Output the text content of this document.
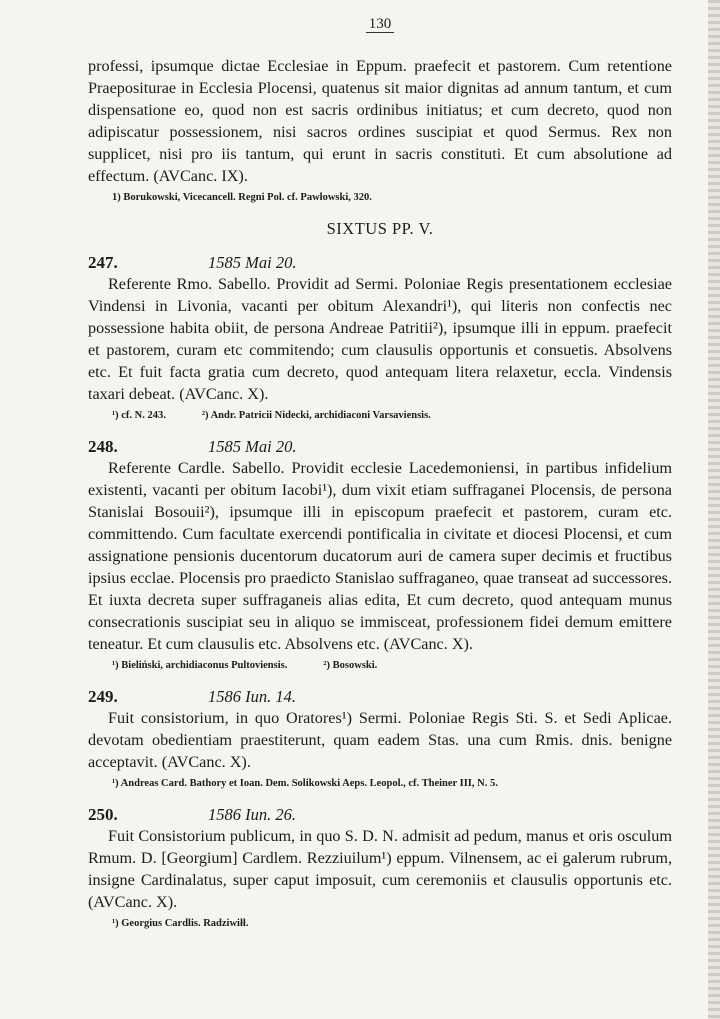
130

professi, ipsumque dictae Ecclesiae in Eppum. praefecit et pastorem. Cum retentione Praepositurae in Ecclesia Plocensi, quatenus sit maior dignitas ad annum tantum, et cum dispensatione eo, quod non est sacris ordinibus initiatus; et cum decreto, quod non adipiscatur possessionem, nisi sacros ordines suscipiat et quod Sermus. Rex non supplicet, nisi pro iis tantum, qui erunt in sacris constituti. Et cum absolutione ad effectum. (AVCanc. IX).

1) Borukowski, Vicecancell. Regni Pol. cf. Pawłowski, 320.
SIXTUS PP. V.
247.	1585 Mai 20.

Referente Rmo. Sabello. Providit ad Sermi. Poloniae Regis presentationem ecclesiae Vindensi in Livonia, vacanti per obitum Alexandri¹), qui literis non confectis nec possessione habita obiit, de persona Andreae Patritii²), ipsumque illi in eppum. praefecit et pastorem, curam etc commitendo; cum clausulis opportunis et consuetis. Absolvens etc. Et fuit facta gratia cum decreto, quod antequam litera relaxetur, eccla. Vindensis taxari debeat. (AVCanc. X).

¹) cf. N. 243.	²) Andr. Patricii Nidecki, archidiaconi Varsaviensis.
248.	1585 Mai 20.

Referente Cardle. Sabello. Providit ecclesie Lacedemoniensi, in partibus infidelium existenti, vacanti per obitum Iacobi¹), dum vixit etiam suffraganei Plocensis, de persona Stanislai Bosouii²), ipsumque illi in episcopum praefecit et pastorem, curam etc. committendo. Cum facultate exercendi pontificalia in civitate et diocesi Plocensi, et cum assignatione pensionis ducentorum ducatorum auri de camera super decimis et fructibus ipsius ecclae. Plocensis pro praedicto Stanislao suffraganeo, quae transeat ad successores. Et iuxta decreta super suffraganeis alias edita, Et cum decreto, quod antequam munus consecrationis suscipiat seu in aliquo se immisceat, professionem fidei demum emittere teneatur. Et cum clausulis etc. Absolvens etc. (AVCanc. X).

¹) Bieliński, archidiaconus Pultoviensis.	²) Bosowski.
249.	1586 Iun. 14.

Fuit consistorium, in quo Oratores¹) Sermi. Poloniae Regis Sti. S. et Sedi Aplicae. devotam obedientiam praestiterunt, quam eadem Stas. una cum Rmis. dnis. benigne acceptavit. (AVCanc. X).

¹) Andreas Card. Bathory et Ioan. Dem. Solikowski Aeps. Leopol., cf. Theiner III, N. 5.
250.	1586 Iun. 26.

Fuit Consistorium publicum, in quo S. D. N. admisit ad pedum, manus et oris osculum Rmum. D. [Georgium] Cardlem. Rezziuilum¹) eppum. Vilnensem, ac ei galerum rubrum, insigne Cardinalatus, super caput imposuit, cum ceremoniis et clausulis opportunis etc. (AVCanc. X).

¹) Georgius Cardlis. Radziwiłł.
